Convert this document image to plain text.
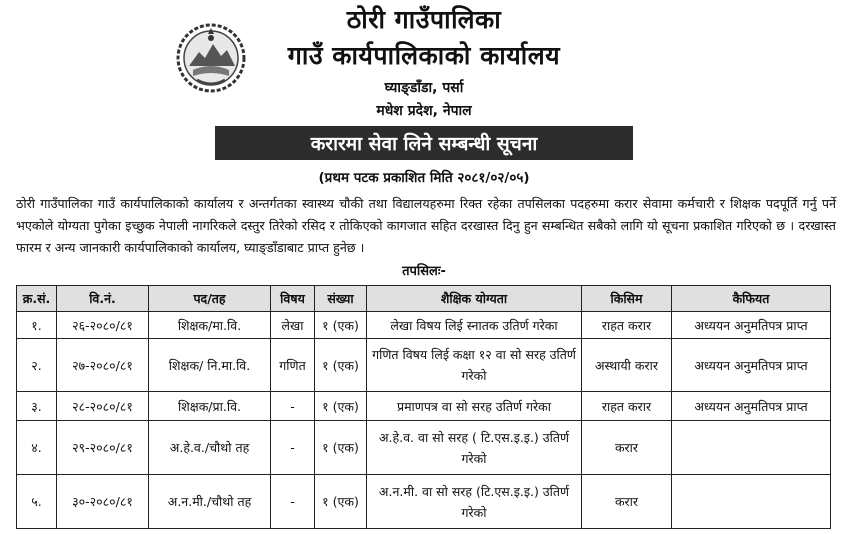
ठोरी गाउँपालिका
गाउँ कार्यपालिकाको कार्यालय
घ्याङ्डाँडा, पर्सा
मधेश प्रदेश, नेपाल
करारमा सेवा लिने सम्बन्धी सूचना
(प्रथम पटक प्रकाशित मिति २०८१/०२/०५)
ठोरी गाउँपालिका गाउँ कार्यपालिकाको कार्यालय र अन्तर्गतका स्वास्थ्य चौकी तथा विद्यालयहरुमा रिक्त रहेका तपसिलका पदहरुमा करार सेवामा कर्मचारी र शिक्षक पदपूर्ति गर्नु पर्ने भएकोले योग्यता पुगेका इच्छुक नेपाली नागरिकले दस्तुर तिरेको रसिद र तोकिएको कागजात सहित दरखास्त दिनु हुन सम्बन्धित सबैको लागि यो सूचना प्रकाशित गरिएको छ । दरखास्त फारम र अन्य जानकारी कार्यपालिकाको कार्यालय, घ्याङ्डाँडाबाट प्राप्त हुनेछ ।
तपसिलः-
क्र.सं.	वि.नं.	पद/तह	विषय	संख्या	शैक्षिक योग्यता	किसिम	कैफियत
१.	२६-२०८०/८१	शिक्षक/मा.वि.	लेखा	१ (एक)	लेखा विषय लिई स्नातक उतिर्ण गरेका	राहत करार	अध्ययन अनुमतिपत्र प्राप्त
२.	२७-२०८०/८१	शिक्षक/ नि.मा.वि.	गणित	१ (एक)	गणित विषय लिई कक्षा १२ वा सो सरह उतिर्ण गरेको	अस्थायी करार	अध्ययन अनुमतिपत्र प्राप्त
३.	२८-२०८०/८१	शिक्षक/प्रा.वि.	-	१ (एक)	प्रमाणपत्र वा सो सरह उतिर्ण गरेका	राहत करार	अध्ययन अनुमतिपत्र प्राप्त
४.	२९-२०८०/८१	अ.हे.व./चौथो तह	-	१ (एक)	अ.हे.व. वा सो सरह ( टि.एस.इ.इ.) उतिर्ण गरेको	करार	
५.	३०-२०८०/८१	अ.न.मी./चौथो तह	-	१ (एक)	अ.न.मी. वा सो सरह (टि.एस.इ.इ.) उतिर्ण गरेको	करार	
